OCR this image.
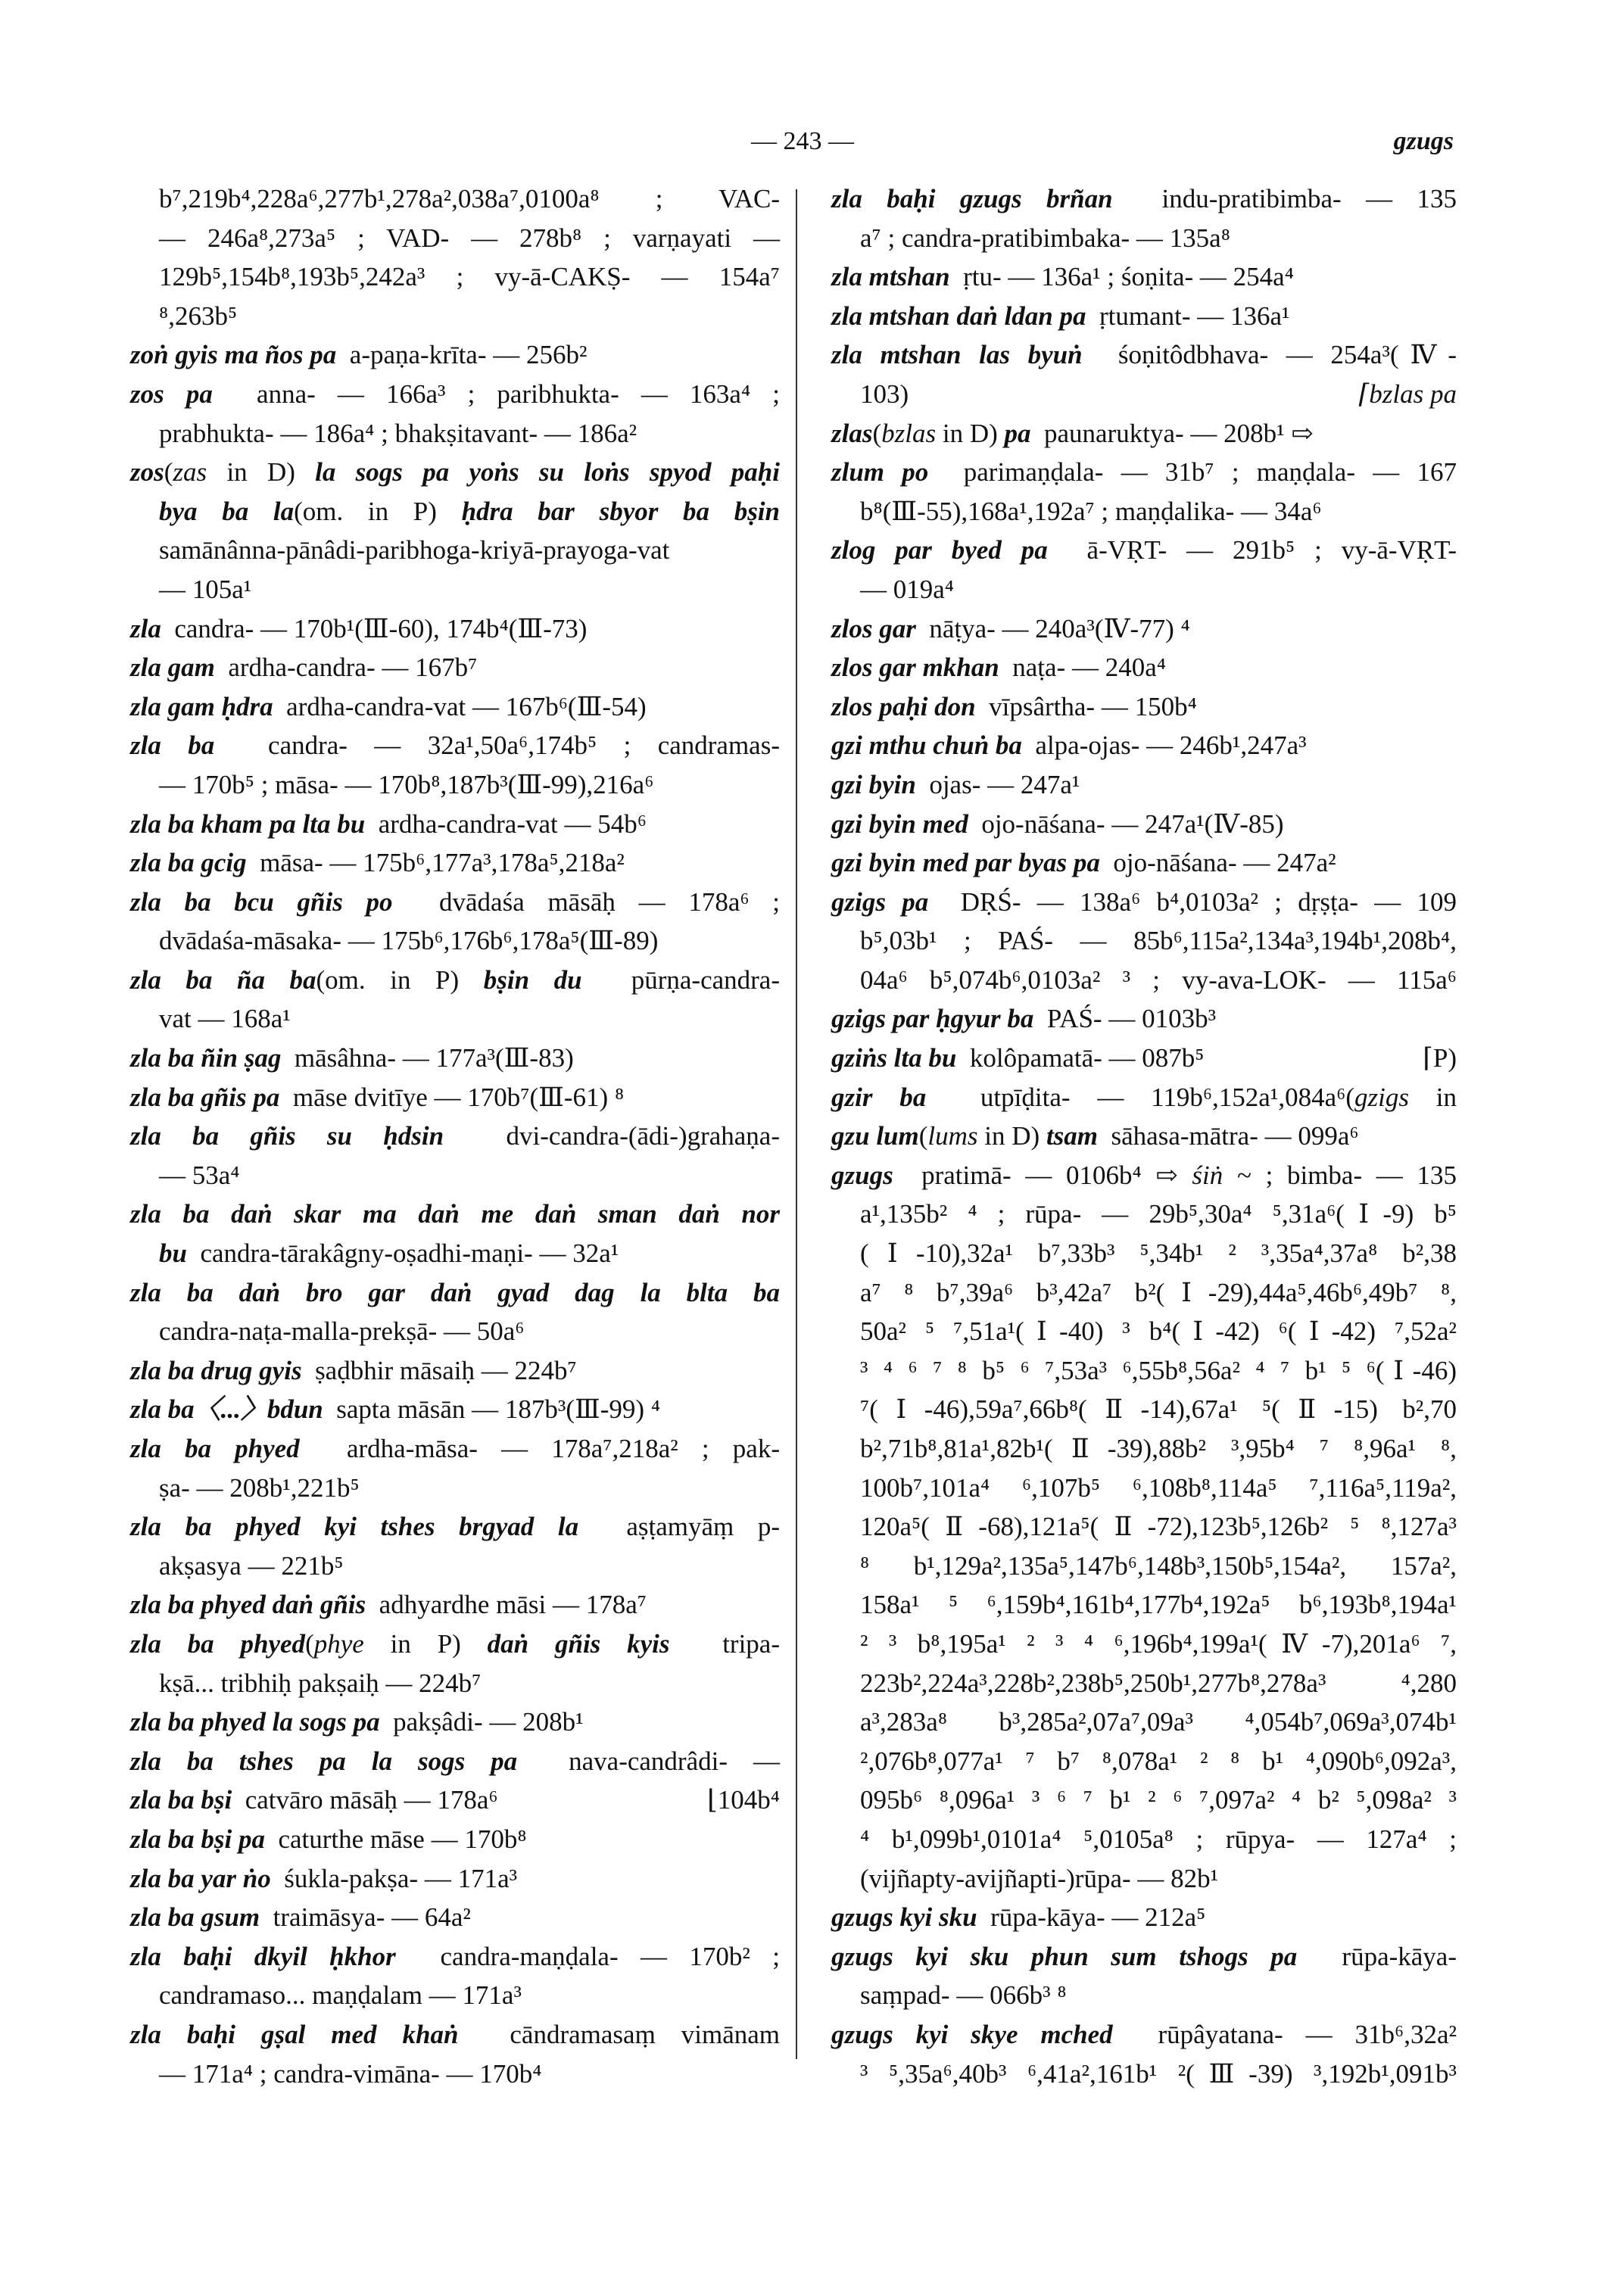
— 243 —	gzugs
b⁷,219b⁴,228a⁶,277b¹,278a²,038a⁷,0100a⁸ ; VAC-
— 246a⁸,273a⁵ ; VAD- — 278b⁸ ; varṇayati —
129b⁵,154b⁸,193b⁵,242a³ ; vy-ā-CAKṢ- — 154a⁷
⁸,263b⁵
zoṅ gyis ma ños pa  a-paṇa-krīta- — 256b²
zos pa  anna- — 166a³ ; paribhukta- — 163a⁴ ;
prabhukta- — 186a⁴ ; bhakṣitavant- — 186a²
zos(zas in D) la sogs pa yoṅs su loṅs spyod paḥi
bya ba la(om. in P) ḥdra bar sbyor ba bṣin
samānânna-pānâdi-paribhoga-kriyā-prayoga-vat
— 105a¹
zla  candra- — 170b¹(Ⅲ-60), 174b⁴(Ⅲ-73)
zla gam  ardha-candra- — 167b⁷
zla gam ḥdra  ardha-candra-vat — 167b⁶(Ⅲ-54)
zla ba  candra- — 32a¹,50a⁶,174b⁵ ; candramas-
— 170b⁵ ; māsa- — 170b⁸,187b³(Ⅲ-99),216a⁶
zla ba kham pa lta bu  ardha-candra-vat — 54b⁶
zla ba gcig  māsa- — 175b⁶,177a³,178a⁵,218a²
zla ba bcu gñis po  dvādaśa māsāḥ — 178a⁶ ;
dvādaśa-māsaka- — 175b⁶,176b⁶,178a⁵(Ⅲ-89)
zla ba ña ba(om. in P) bṣin du  pūrṇa-candra-
vat — 168a¹
zla ba ñin ṣag  māsâhna- — 177a³(Ⅲ-83)
zla ba gñis pa  māse dvitīye — 170b⁷(Ⅲ-61) ⁸
zla ba gñis su ḥdsin  dvi-candra-(ādi-)grahaṇa-
— 53a⁴
zla ba daṅ skar ma daṅ me daṅ sman daṅ nor
bu  candra-tārakâgny-oṣadhi-maṇi- — 32a¹
zla ba daṅ bro gar daṅ gyad dag la blta ba
candra-naṭa-malla-prekṣā- — 50a⁶
zla ba drug gyis  ṣaḍbhir māsaiḥ — 224b⁷
zla ba〈...〉bdun  sapta māsān — 187b³(Ⅲ-99) ⁴
zla ba phyed  ardha-māsa- — 178a⁷,218a² ; pak-
ṣa- — 208b¹,221b⁵
zla ba phyed kyi tshes brgyad la  aṣṭamyāṃ p-
akṣasya — 221b⁵
zla ba phyed daṅ gñis  adhyardhe māsi — 178a⁷
zla ba phyed(phye in P) daṅ gñis kyis  tripa-
kṣā... tribhiḥ pakṣaiḥ — 224b⁷
zla ba phyed la sogs pa  pakṣâdi- — 208b¹
zla ba tshes pa la sogs pa  nava-candrâdi- —
zla ba bṣi  catvāro māsāḥ — 178a⁶	⌊104b⁴
zla ba bṣi pa  caturthe māse — 170b⁸
zla ba yar ṅo  śukla-pakṣa- — 171a³
zla ba gsum  traimāsya- — 64a²
zla baḥi dkyil ḥkhor  candra-maṇḍala- — 170b² ;
candramaso... maṇḍalam — 171a³
zla baḥi gṣal med khaṅ  cāndramasaṃ vimānam
— 171a⁴ ; candra-vimāna- — 170b⁴
zla baḥi gzugs brñan  indu-pratibimba- — 135
a⁷ ; candra-pratibimbaka- — 135a⁸
zla mtshan  ṛtu- — 136a¹ ; śoṇita- — 254a⁴
zla mtshan daṅ ldan pa  ṛtumant- — 136a¹
zla mtshan las byuṅ  śoṇitôdbhava- — 254a³(Ⅳ-
103)	⌈bzlas pa
zlas(bzlas in D) pa  paunaruktya- — 208b¹ ⇨
zlum po  parimaṇḍala- — 31b⁷ ; maṇḍala- — 167
b⁸(Ⅲ-55),168a¹,192a⁷ ; maṇḍalika- — 34a⁶
zlog par byed pa  ā-VṚT- — 291b⁵ ; vy-ā-VṚT-
— 019a⁴
zlos gar  nāṭya- — 240a³(Ⅳ-77) ⁴
zlos gar mkhan  naṭa- — 240a⁴
zlos paḥi don  vīpsârtha- — 150b⁴
gzi mthu chuṅ ba  alpa-ojas- — 246b¹,247a³
gzi byin  ojas- — 247a¹
gzi byin med  ojo-nāśana- — 247a¹(Ⅳ-85)
gzi byin med par byas pa  ojo-nāśana- — 247a²
gzigs pa  DṚŚ- — 138a⁶ b⁴,0103a² ; dṛṣṭa- — 109
b⁵,03b¹ ; PAŚ- — 85b⁶,115a²,134a³,194b¹,208b⁴,
04a⁶ b⁵,074b⁶,0103a² ³ ; vy-ava-LOK- — 115a⁶
gzigs par ḥgyur ba  PAŚ- — 0103b³
gziṅs lta bu  kolôpamatā- — 087b⁵	⌈P)
gzir ba  utpīḍita- — 119b⁶,152a¹,084a⁶(gzigs in
gzu lum(lums in D) tsam  sāhasa-mātra- — 099a⁶
gzugs  pratimā- — 0106b⁴ ⇨ śiṅ ~ ; bimba- — 135
a¹,135b² ⁴ ; rūpa- — 29b⁵,30a⁴ ⁵,31a⁶(Ⅰ-9) b⁵
(Ⅰ-10),32a¹ b⁷,33b³ ⁵,34b¹ ² ³,35a⁴,37a⁸ b²,38
a⁷ ⁸ b⁷,39a⁶ b³,42a⁷ b²(Ⅰ-29),44a⁵,46b⁶,49b⁷ ⁸,
50a² ⁵ ⁷,51a¹(Ⅰ-40) ³ b⁴(Ⅰ-42) ⁶(Ⅰ-42) ⁷,52a²
³ ⁴ ⁶ ⁷ ⁸ b⁵ ⁶ ⁷,53a³ ⁶,55b⁸,56a² ⁴ ⁷ b¹ ⁵ ⁶(Ⅰ-46)
⁷(Ⅰ-46),59a⁷,66b⁸(Ⅱ-14),67a¹ ⁵(Ⅱ-15) b²,70
b²,71b⁸,81a¹,82b¹(Ⅱ-39),88b² ³,95b⁴ ⁷ ⁸,96a¹ ⁸,
100b⁷,101a⁴ ⁶,107b⁵ ⁶,108b⁸,114a⁵ ⁷,116a⁵,119a²,
120a⁵(Ⅱ-68),121a⁵(Ⅱ-72),123b⁵,126b² ⁵ ⁸,127a³
⁸ b¹,129a²,135a⁵,147b⁶,148b³,150b⁵,154a², 157a²,
158a¹ ⁵ ⁶,159b⁴,161b⁴,177b⁴,192a⁵ b⁶,193b⁸,194a¹
² ³ b⁸,195a¹ ² ³ ⁴ ⁶,196b⁴,199a¹(Ⅳ-7),201a⁶ ⁷,
223b²,224a³,228b²,238b⁵,250b¹,277b⁸,278a³ ⁴,280
a³,283a⁸ b³,285a²,07a⁷,09a³ ⁴,054b⁷,069a³,074b¹
²,076b⁸,077a¹ ⁷ b⁷ ⁸,078a¹ ² ⁸ b¹ ⁴,090b⁶,092a³,
095b⁶ ⁸,096a¹ ³ ⁶ ⁷ b¹ ² ⁶ ⁷,097a² ⁴ b² ⁵,098a² ³
⁴ b¹,099b¹,0101a⁴ ⁵,0105a⁸ ; rūpya- — 127a⁴ ;
(vijñapty-avijñapti-)rūpa- — 82b¹
gzugs kyi sku  rūpa-kāya- — 212a⁵
gzugs kyi sku phun sum tshogs pa  rūpa-kāya-
saṃpad- — 066b³ ⁸
gzugs kyi skye mched  rūpâyatana- — 31b⁶,32a²
³ ⁵,35a⁶,40b³ ⁶,41a²,161b¹ ²(Ⅲ-39) ³,192b¹,091b³
